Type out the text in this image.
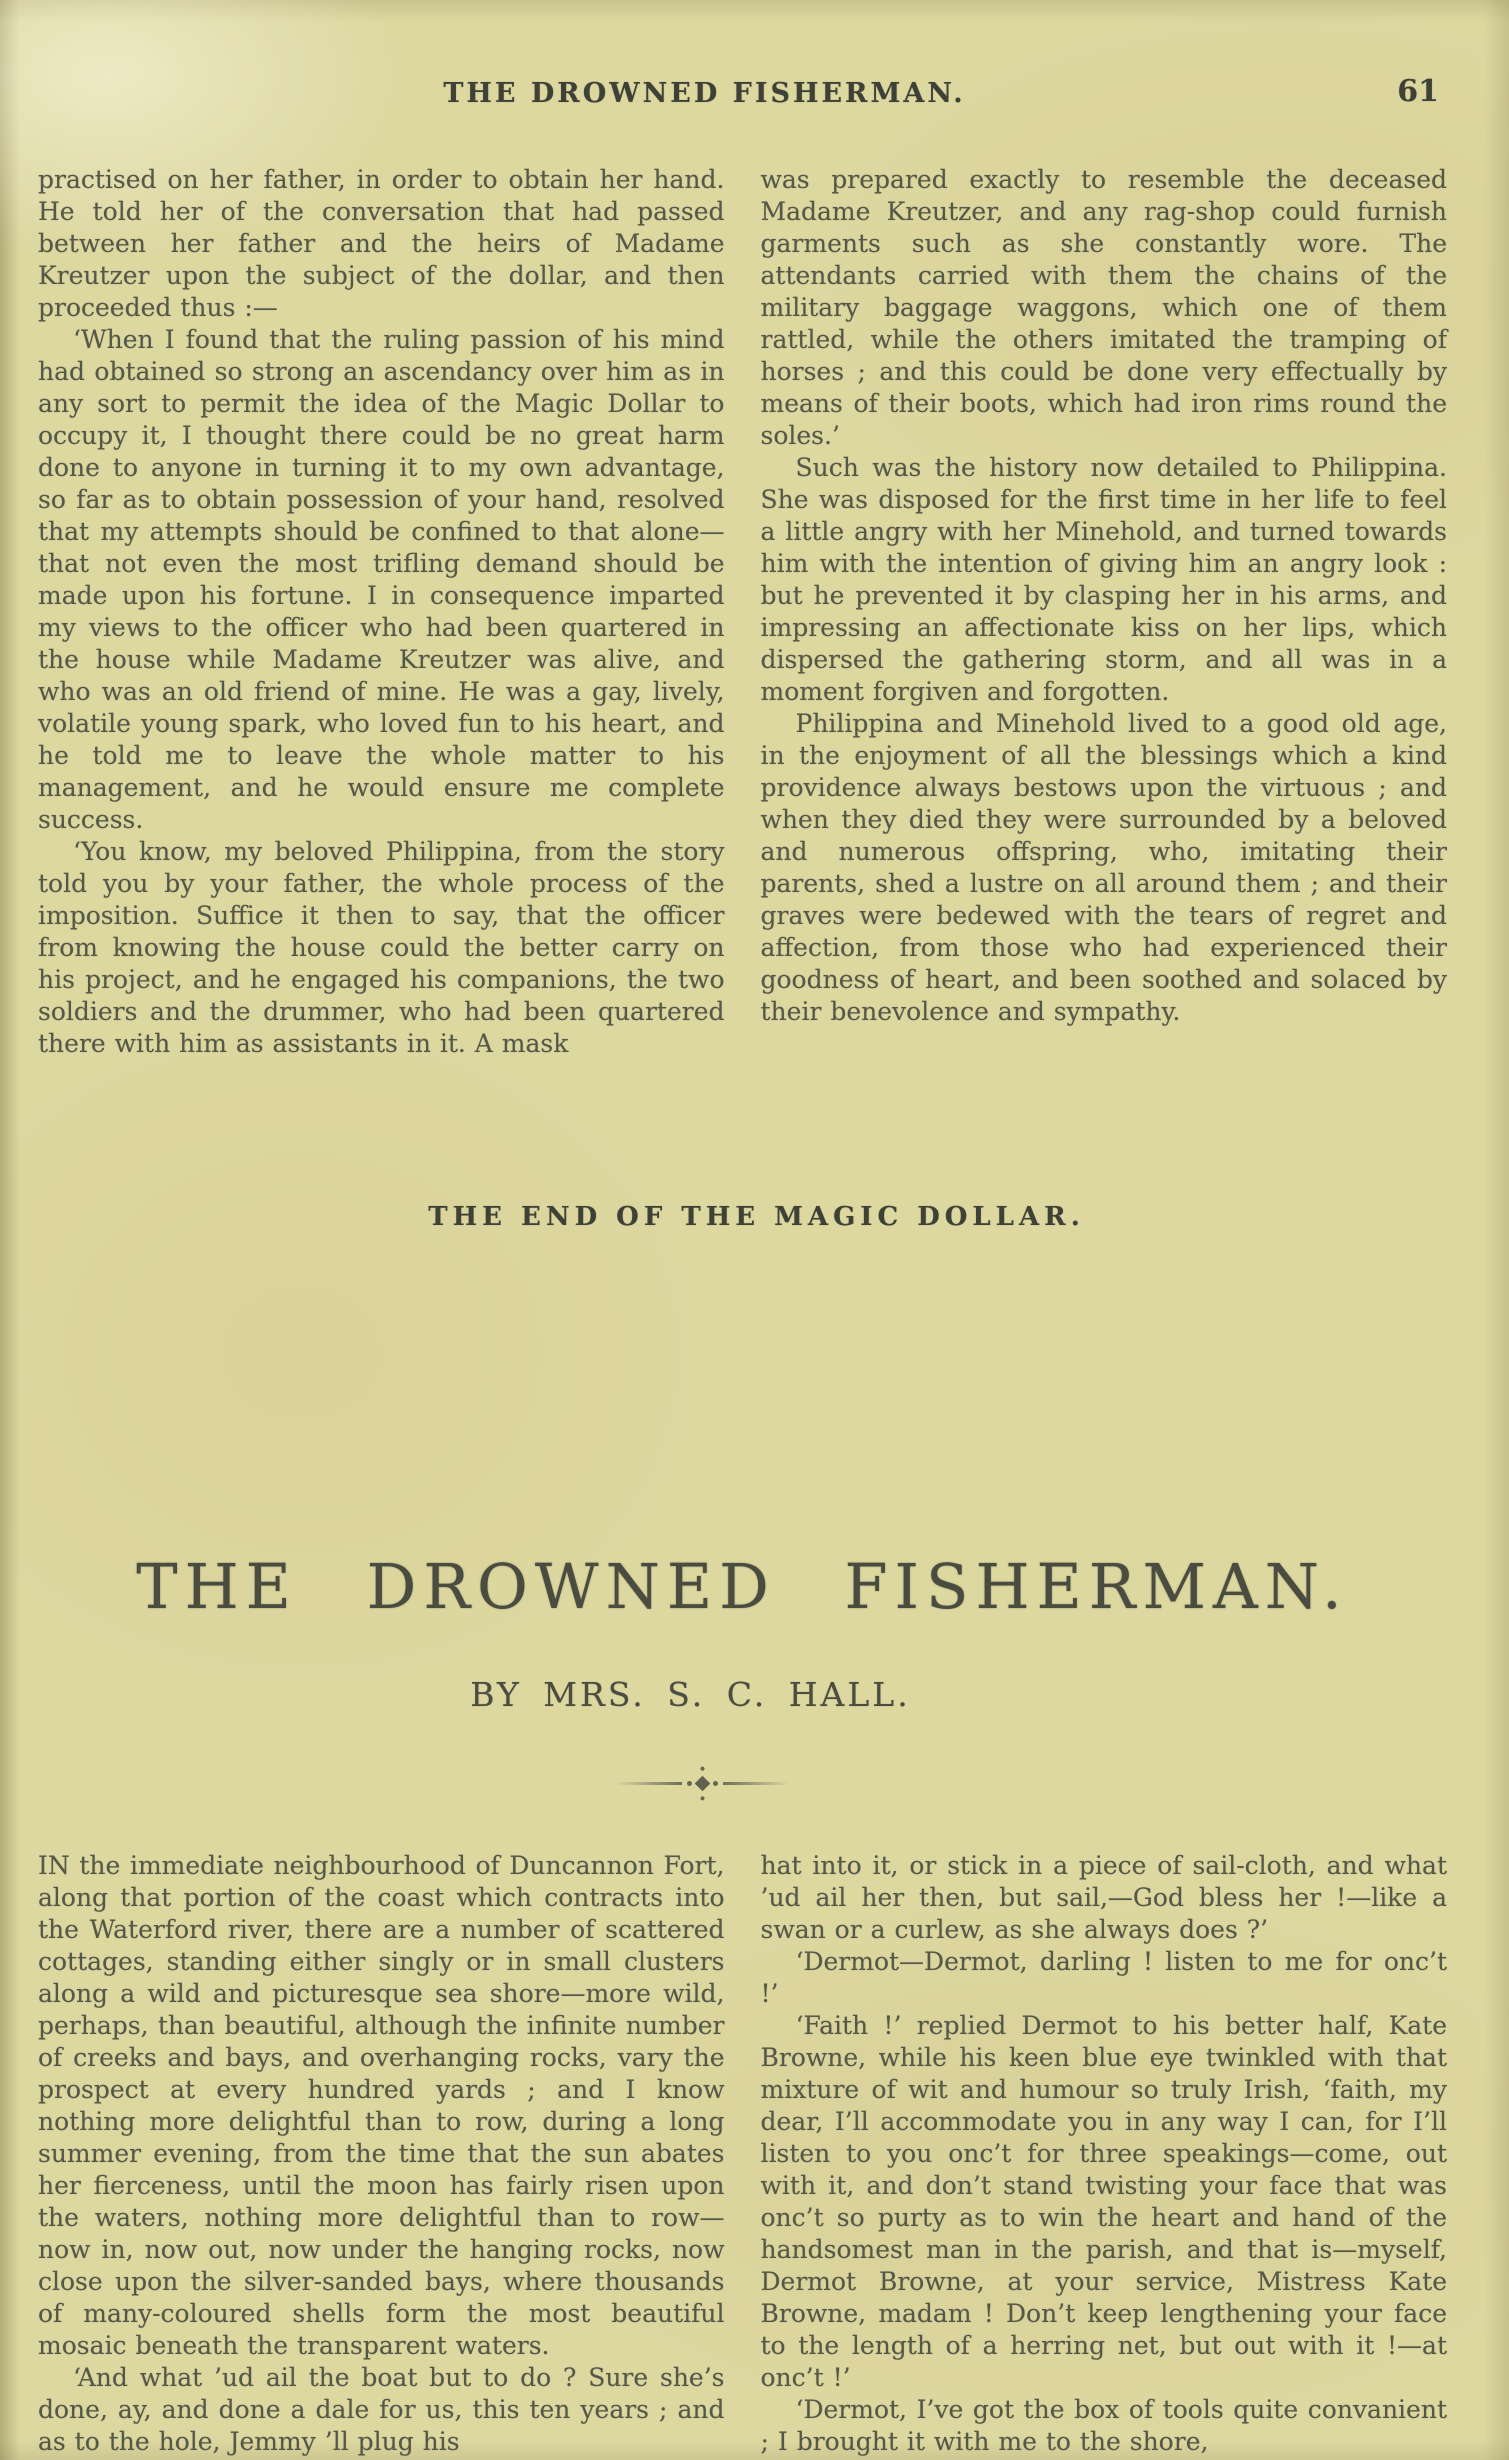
THE DROWNED FISHERMAN.	61

practised on her father, in order to obtain her hand. He told her of the conversation that had passed between her father and the heirs of Madame Kreutzer upon the subject of the dollar, and then proceeded thus :—

‘When I found that the ruling passion of his mind had obtained so strong an ascendancy over him as in any sort to permit the idea of the Magic Dollar to occupy it, I thought there could be no great harm done to anyone in turning it to my own advantage, so far as to obtain possession of your hand, resolved that my attempts should be confined to that alone—that not even the most trifling demand should be made upon his fortune. I in consequence imparted my views to the officer who had been quartered in the house while Madame Kreutzer was alive, and who was an old friend of mine. He was a gay, lively, volatile young spark, who loved fun to his heart, and he told me to leave the whole matter to his management, and he would ensure me complete success.

‘You know, my beloved Philippina, from the story told you by your father, the whole process of the imposition. Suffice it then to say, that the officer from knowing the house could the better carry on his project, and he engaged his companions, the two soldiers and the drummer, who had been quartered there with him as assistants in it. A mask

was prepared exactly to resemble the deceased Madame Kreutzer, and any rag-shop could furnish garments such as she constantly wore. The attendants carried with them the chains of the military baggage waggons, which one of them rattled, while the others imitated the tramping of horses ; and this could be done very effectually by means of their boots, which had iron rims round the soles.’

Such was the history now detailed to Philippina. She was disposed for the first time in her life to feel a little angry with her Minehold, and turned towards him with the intention of giving him an angry look : but he prevented it by clasping her in his arms, and impressing an affectionate kiss on her lips, which dispersed the gathering storm, and all was in a moment forgiven and forgotten.

Philippina and Minehold lived to a good old age, in the enjoyment of all the blessings which a kind providence always bestows upon the virtuous ; and when they died they were surrounded by a beloved and numerous offspring, who, imitating their parents, shed a lustre on all around them ; and their graves were bedewed with the tears of regret and affection, from those who had experienced their goodness of heart, and been soothed and solaced by their benevolence and sympathy.

THE END OF THE MAGIC DOLLAR.
THE DROWNED FISHERMAN.
BY MRS. S. C. HALL.

IN the immediate neighbourhood of Duncannon Fort, along that portion of the coast which contracts into the Waterford river, there are a number of scattered cottages, standing either singly or in small clusters along a wild and picturesque sea shore—more wild, perhaps, than beautiful, although the infinite number of creeks and bays, and overhanging rocks, vary the prospect at every hundred yards ; and I know nothing more delightful than to row, during a long summer evening, from the time that the sun abates her fierceness, until the moon has fairly risen upon the waters, nothing more delightful than to row—now in, now out, now under the hanging rocks, now close upon the silver-sanded bays, where thousands of many-coloured shells form the most beautiful mosaic beneath the transparent waters.

‘And what ’ud ail the boat but to do ? Sure she’s done, ay, and done a dale for us, this ten years ; and as to the hole, Jemmy ’ll plug his

hat into it, or stick in a piece of sail-cloth, and what ’ud ail her then, but sail,—God bless her !—like a swan or a curlew, as she always does ?’

‘Dermot—Dermot, darling ! listen to me for onc’t !’

‘Faith !’ replied Dermot to his better half, Kate Browne, while his keen blue eye twinkled with that mixture of wit and humour so truly Irish, ‘faith, my dear, I’ll accommodate you in any way I can, for I’ll listen to you onc’t for three speakings—come, out with it, and don’t stand twisting your face that was onc’t so purty as to win the heart and hand of the handsomest man in the parish, and that is—myself, Dermot Browne, at your service, Mistress Kate Browne, madam ! Don’t keep lengthening your face to the length of a herring net, but out with it !—at onc’t !’

‘Dermot, I’ve got the box of tools quite convanient ; I brought it with me to the shore,
